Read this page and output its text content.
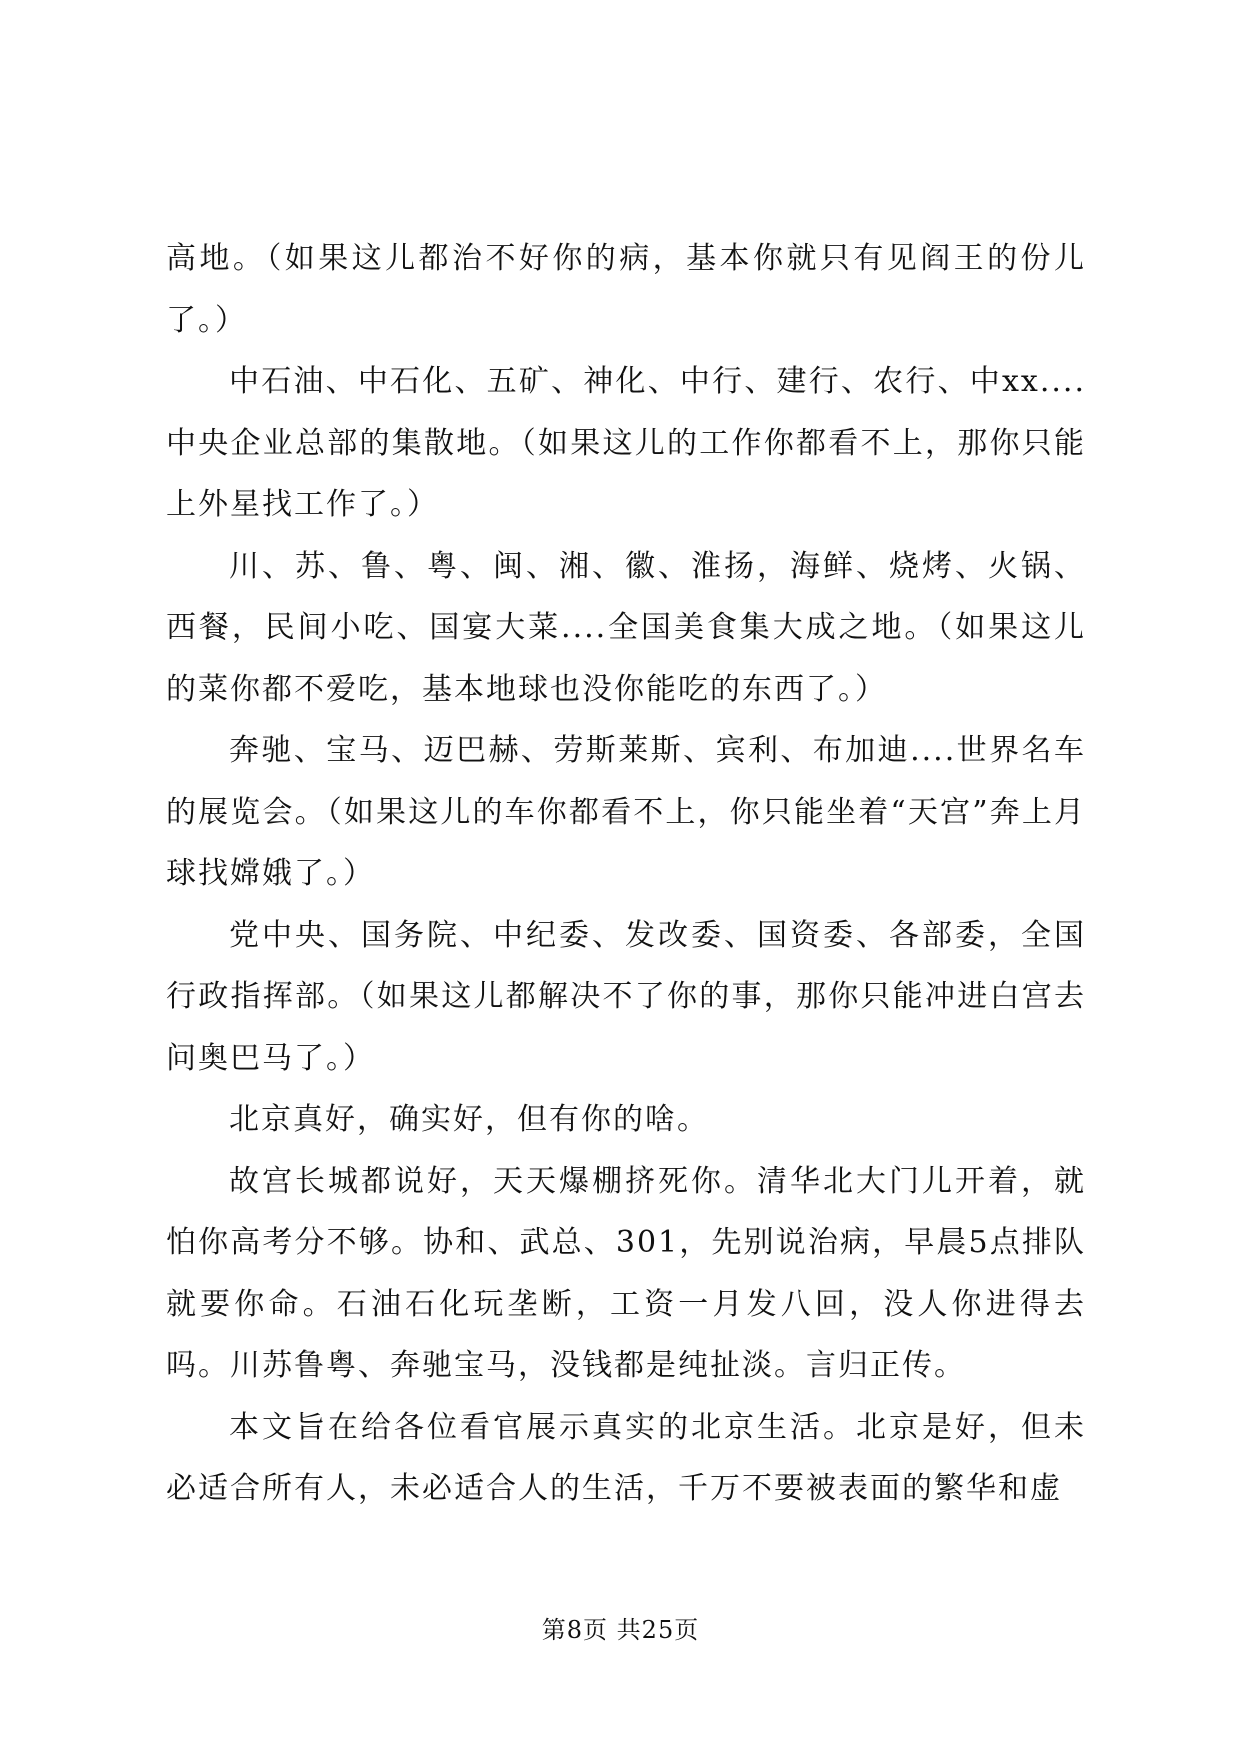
高地。（如果这儿都治不好你的病，基本你就只有见阎王的份儿了。）

中石油、中石化、五矿、神化、中行、建行、农行、中xx....中央企业总部的集散地。（如果这儿的工作你都看不上，那你只能上外星找工作了。）

川、苏、鲁、粤、闽、湘、徽、淮扬，海鲜、烧烤、火锅、西餐，民间小吃、国宴大菜....全国美食集大成之地。（如果这儿的菜你都不爱吃，基本地球也没你能吃的东西了。）

奔驰、宝马、迈巴赫、劳斯莱斯、宾利、布加迪....世界名车的展览会。（如果这儿的车你都看不上，你只能坐着“天宫”奔上月球找嫦娥了。）

党中央、国务院、中纪委、发改委、国资委、各部委，全国行政指挥部。（如果这儿都解决不了你的事，那你只能冲进白宫去问奥巴马了。）

北京真好，确实好，但有你的啥。

故宫长城都说好，天天爆棚挤死你。清华北大门儿开着，就怕你高考分不够。协和、武总、301，先别说治病，早晨5点排队就要你命。石油石化玩垄断，工资一月发八回，没人你进得去吗。川苏鲁粤、奔驰宝马，没钱都是纯扯淡。言归正传。

本文旨在给各位看官展示真实的北京生活。北京是好，但未必适合所有人，未必适合人的生活，千万不要被表面的繁华和虚

第8页 共25页
